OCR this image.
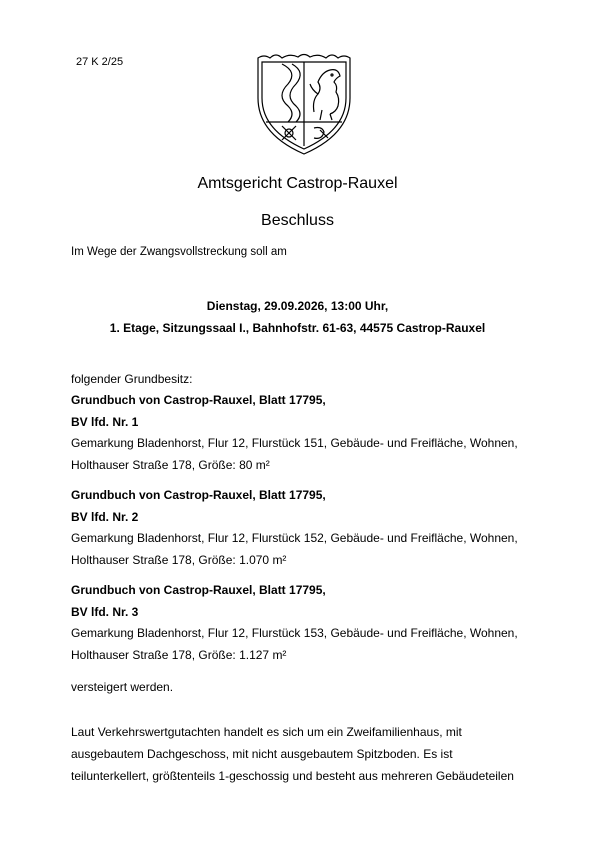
27 K 2/25
Amtsgericht Castrop-Rauxel
Beschluss
Im Wege der Zwangsvollstreckung soll am
Dienstag, 29.09.2026, 13:00 Uhr,
1. Etage, Sitzungssaal I., Bahnhofstr. 61-63, 44575 Castrop-Rauxel
folgender Grundbesitz:
Grundbuch von Castrop-Rauxel, Blatt 17795,
BV lfd. Nr. 1
Gemarkung Bladenhorst, Flur 12, Flurstück 151, Gebäude- und Freifläche, Wohnen,
Holthauser Straße 178, Größe: 80 m²
Grundbuch von Castrop-Rauxel, Blatt 17795,
BV lfd. Nr. 2
Gemarkung Bladenhorst, Flur 12, Flurstück 152, Gebäude- und Freifläche, Wohnen,
Holthauser Straße 178, Größe: 1.070 m²
Grundbuch von Castrop-Rauxel, Blatt 17795,
BV lfd. Nr. 3
Gemarkung Bladenhorst, Flur 12, Flurstück 153, Gebäude- und Freifläche, Wohnen,
Holthauser Straße 178, Größe: 1.127 m²
versteigert werden.

Laut Verkehrswertgutachten handelt es sich um ein Zweifamilienhaus, mit

ausgebautem Dachgeschoss, mit nicht ausgebautem Spitzboden. Es ist

teilunterkellert, größtenteils 1-geschossig und besteht aus mehreren Gebäudeteilen
